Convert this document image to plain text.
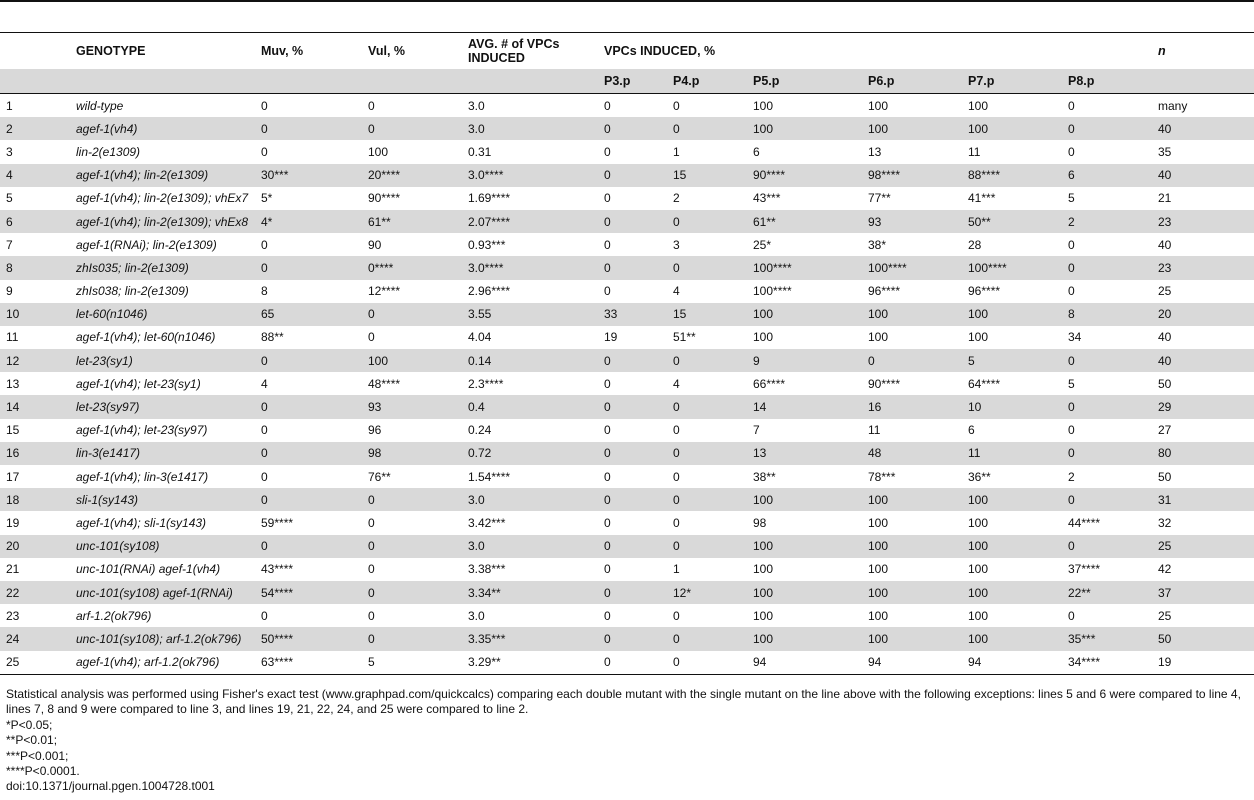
	GENOTYPE	Muv, %	Vul, %	AVG. # of VPCs
INDUCED	VPCs INDUCED, %						n
					P3.p	P4.p	P5.p	P6.p	P7.p	P8.p	
1	wild-type	0	0	3.0	0	0	100	100	100	0	many
2	agef-1(vh4)	0	0	3.0	0	0	100	100	100	0	40
3	lin-2(e1309)	0	100	0.31	0	1	6	13	11	0	35
4	agef-1(vh4); lin-2(e1309)	30***	20****	3.0****	0	15	90****	98****	88****	6	40
5	agef-1(vh4); lin-2(e1309); vhEx7	5*	90****	1.69****	0	2	43***	77**	41***	5	21
6	agef-1(vh4); lin-2(e1309); vhEx8	4*	61**	2.07****	0	0	61**	93	50**	2	23
7	agef-1(RNAi); lin-2(e1309)	0	90	0.93***	0	3	25*	38*	28	0	40
8	zhIs035; lin-2(e1309)	0	0****	3.0****	0	0	100****	100****	100****	0	23
9	zhIs038; lin-2(e1309)	8	12****	2.96****	0	4	100****	96****	96****	0	25
10	let-60(n1046)	65	0	3.55	33	15	100	100	100	8	20
11	agef-1(vh4); let-60(n1046)	88**	0	4.04	19	51**	100	100	100	34	40
12	let-23(sy1)	0	100	0.14	0	0	9	0	5	0	40
13	agef-1(vh4); let-23(sy1)	4	48****	2.3****	0	4	66****	90****	64****	5	50
14	let-23(sy97)	0	93	0.4	0	0	14	16	10	0	29
15	agef-1(vh4); let-23(sy97)	0	96	0.24	0	0	7	11	6	0	27
16	lin-3(e1417)	0	98	0.72	0	0	13	48	11	0	80
17	agef-1(vh4); lin-3(e1417)	0	76**	1.54****	0	0	38**	78***	36**	2	50
18	sli-1(sy143)	0	0	3.0	0	0	100	100	100	0	31
19	agef-1(vh4); sli-1(sy143)	59****	0	3.42***	0	0	98	100	100	44****	32
20	unc-101(sy108)	0	0	3.0	0	0	100	100	100	0	25
21	unc-101(RNAi) agef-1(vh4)	43****	0	3.38***	0	1	100	100	100	37****	42
22	unc-101(sy108) agef-1(RNAi)	54****	0	3.34**	0	12*	100	100	100	22**	37
23	arf-1.2(ok796)	0	0	3.0	0	0	100	100	100	0	25
24	unc-101(sy108); arf-1.2(ok796)	50****	0	3.35***	0	0	100	100	100	35***	50
25	agef-1(vh4); arf-1.2(ok796)	63****	5	3.29**	0	0	94	94	94	34****	19
Statistical analysis was performed using Fisher's exact test (www.graphpad.com/quickcalcs) comparing each double mutant with the single mutant on the line above with the following exceptions: lines 5 and 6 were compared to line 4, lines 7, 8 and 9 were compared to line 3, and lines 19, 21, 22, 24, and 25 were compared to line 2.
*P<0.05;
**P<0.01;
***P<0.001;
****P<0.0001.
doi:10.1371/journal.pgen.1004728.t001
